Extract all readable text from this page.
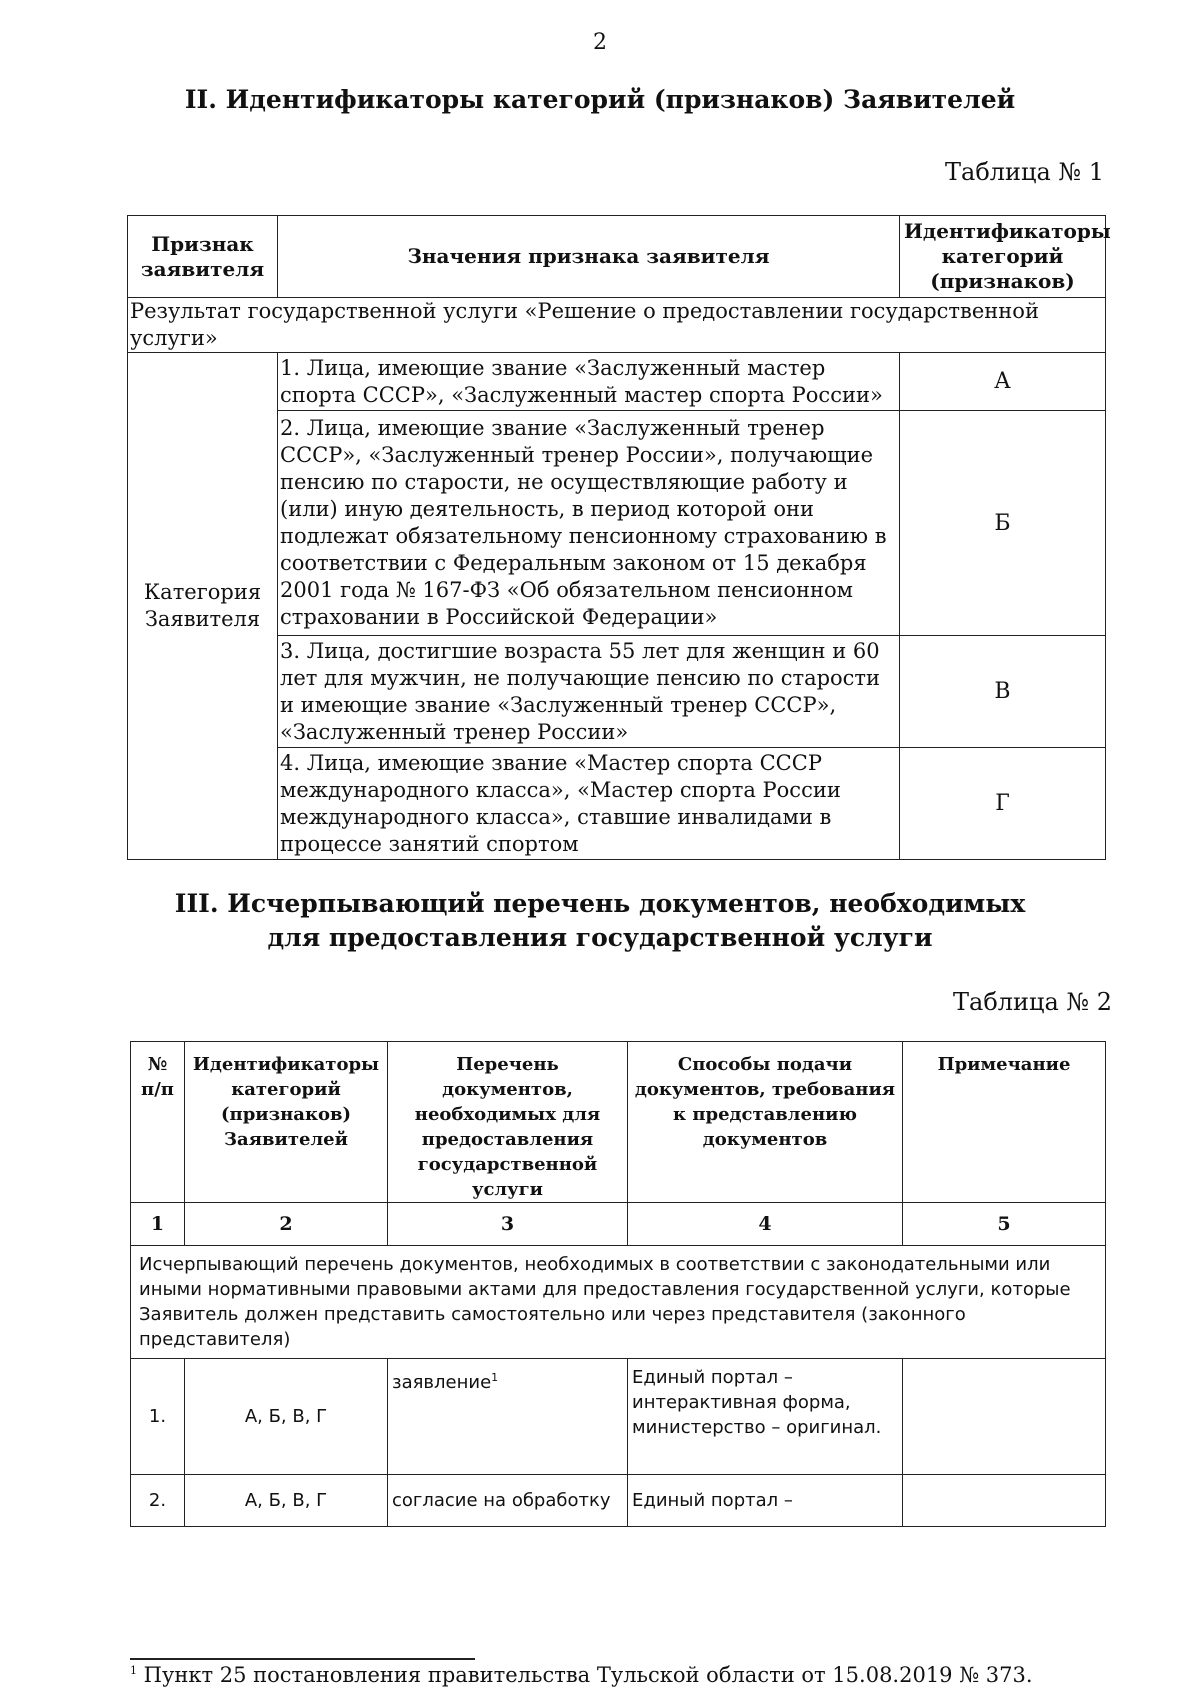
2
II. Идентификаторы категорий (признаков) Заявителей
Таблица № 1
Признак заявителя	Значения признака заявителя	Идентификаторы категорий (признаков)
Результат государственной услуги «Решение о предоставлении государственной услуги»		
Категория Заявителя	1. Лица, имеющие звание «Заслуженный мастер спорта СССР», «Заслуженный мастер спорта России»	А
	2. Лица, имеющие звание «Заслуженный тренер СССР», «Заслуженный тренер России», получающие пенсию по старости, не осуществляющие работу и (или) иную деятельность, в период которой они подлежат обязательному пенсионному страхованию в соответствии с Федеральным законом от 15 декабря 2001 года № 167-ФЗ «Об обязательном пенсионном страховании в Российской Федерации»	Б
	3. Лица, достигшие возраста 55 лет для женщин и 60 лет для мужчин, не получающие пенсию по старости и имеющие звание «Заслуженный тренер СССР», «Заслуженный тренер России»	В
	4. Лица, имеющие звание «Мастер спорта СССР международного класса», «Мастер спорта России международного класса», ставшие инвалидами в процессе занятий спортом	Г
III. Исчерпывающий перечень документов, необходимых
для предоставления государственной услуги
Таблица № 2
№ п/п	Идентификаторы категорий (признаков) Заявителей	Перечень документов, необходимых для предоставления государственной услуги	Способы подачи документов, требования к представлению документов	Примечание
1	2	3	4	5
Исчерпывающий перечень документов, необходимых в соответствии с законодательными или иными нормативными правовыми актами для предоставления государственной услуги, которые Заявитель должен представить самостоятельно или через представителя (законного представителя)				
1.	А, Б, В, Г	заявление$^1$	Единый портал – интерактивная форма, министерство – оригинал.	
2.	А, Б, В, Г	согласие на обработку	Единый портал –	
$^1$ Пункт 25 постановления правительства Тульской области от 15.08.2019 № 373.
